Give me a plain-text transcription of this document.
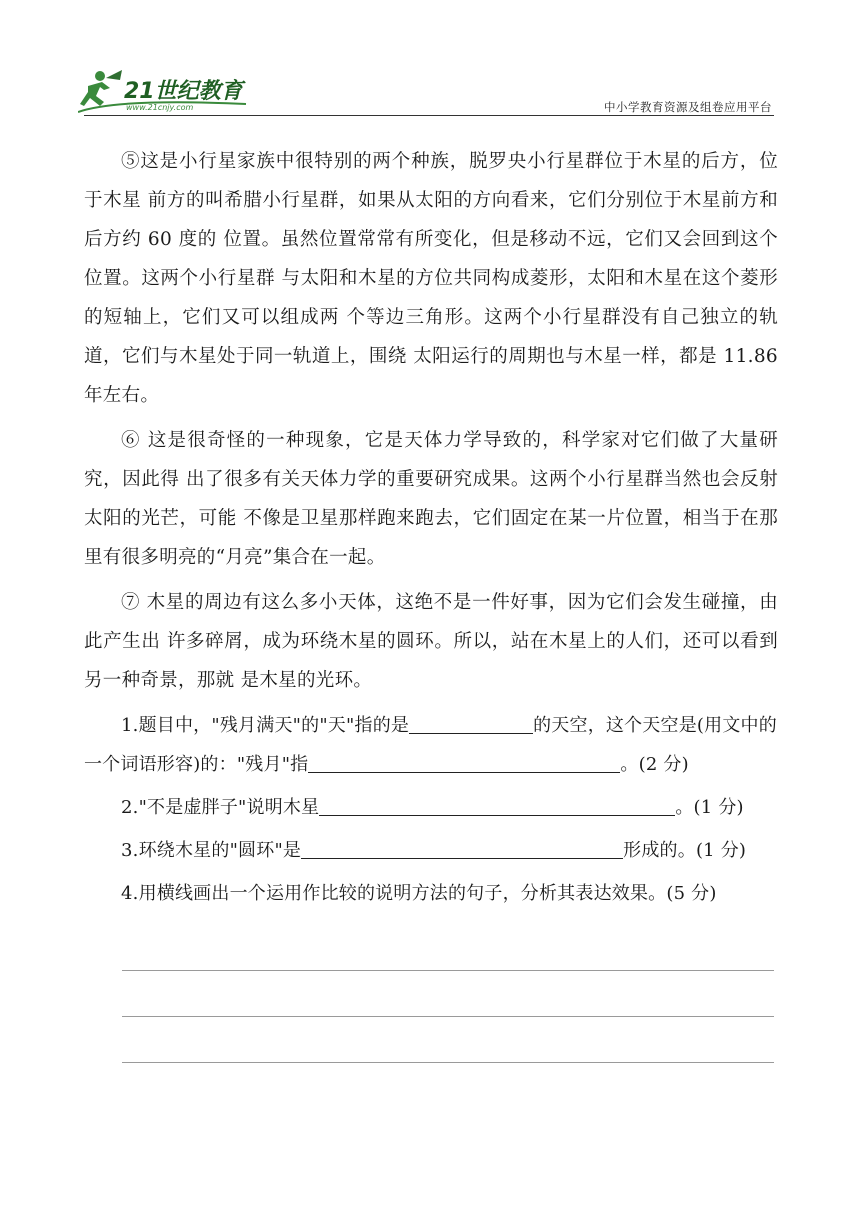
21世纪教育
www.21cnjy.com	中小学教育资源及组卷应用平台

⑤这是小行星家族中很特别的两个种族，脱罗央小行星群位于木星的后方，位于木星 前方的叫希腊小行星群，如果从太阳的方向看来，它们分别位于木星前方和后方约 60 度的 位置。虽然位置常常有所变化，但是移动不远，它们又会回到这个位置。这两个小行星群 与太阳和木星的方位共同构成菱形，太阳和木星在这个菱形的短轴上，它们又可以组成两 个等边三角形。这两个小行星群没有自己独立的轨道，它们与木星处于同一轨道上，围绕 太阳运行的周期也与木星一样，都是 11.86 年左右。

⑥ 这是很奇怪的一种现象，它是天体力学导致的，科学家对它们做了大量研究，因此得 出了很多有关天体力学的重要研究成果。这两个小行星群当然也会反射太阳的光芒，可能 不像是卫星那样跑来跑去，它们固定在某一片位置，相当于在那里有很多明亮的“月亮”集合在一起。

⑦ 木星的周边有这么多小天体，这绝不是一件好事，因为它们会发生碰撞，由此产生出 许多碎屑，成为环绕木星的圆环。所以，站在木星上的人们，还可以看到另一种奇景，那就 是木星的光环。

1.题目中，"残月满天"的"天"指的是	的天空，这个天空是(用文中的一个词语形容)的："残月"指	。(2 分)

2."不是虚胖子"说明木星	。(1 分)

3.环绕木星的"圆环"是	形成的。(1 分)

4.用横线画出一个运用作比较的说明方法的句子，分析其表达效果。(5 分)
